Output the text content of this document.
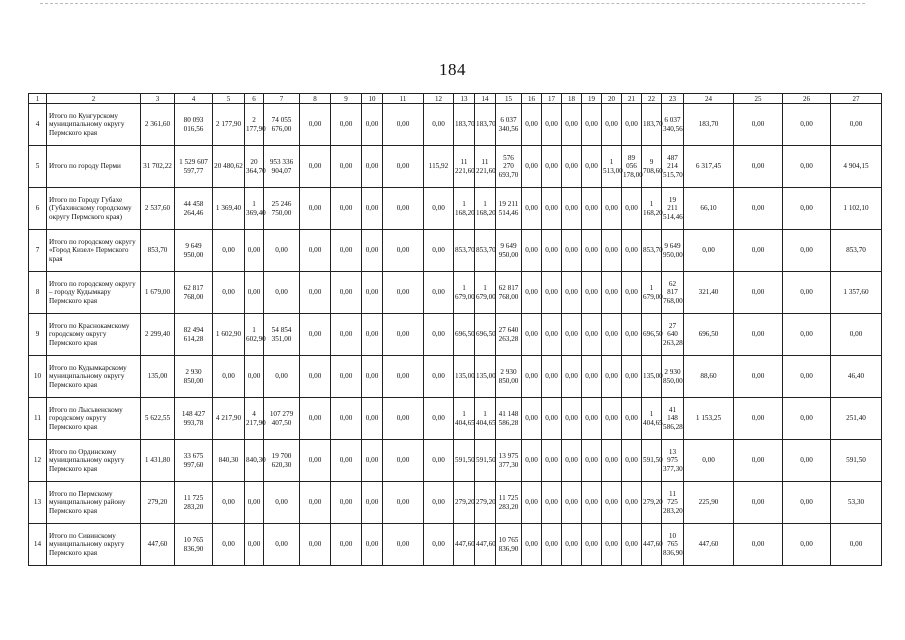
184
1	2	3	4	5	6	7	8	9	10	11	12	13	14	15	16	17	18	19	20	21	22	23	24	25	26	27
4	Итого по Кунгурскому муниципальному округу Пермского края	2 361,60	80 093 016,56	2 177,90	2 177,90	74 055 676,00	0,00	0,00	0,00	0,00	0,00	183,70	183,70	6 037 340,56	0,00	0,00	0,00	0,00	0,00	0,00	183,70	6 037 340,56	183,70	0,00	0,00	0,00
5	Итого по городу Перми	31 702,22	1 529 607 597,77	20 480,62	20 364,70	953 336 904,07	0,00	0,00	0,00	0,00	115,92	11 221,60	11 221,60	576 270 693,70	0,00	0,00	0,00	0,00	1 513,00	89 056 178,00	9 708,60	487 214 515,70	6 317,45	0,00	0,00	4 904,15
6	Итого по Городу Губахе (Губахинскому городскому округу Пермского края)	2 537,60	44 458 264,46	1 369,40	1 369,40	25 246 750,00	0,00	0,00	0,00	0,00	0,00	1 168,20	1 168,20	19 211 514,46	0,00	0,00	0,00	0,00	0,00	0,00	1 168,20	19 211 514,46	66,10	0,00	0,00	1 102,10
7	Итого по городскому округу «Город Кизел» Пермского края	853,70	9 649 950,00	0,00	0,00	0,00	0,00	0,00	0,00	0,00	0,00	853,70	853,70	9 649 950,00	0,00	0,00	0,00	0,00	0,00	0,00	853,70	9 649 950,00	0,00	0,00	0,00	853,70
8	Итого по городскому округу – городу Кудымкару Пермского края	1 679,00	62 817 768,00	0,00	0,00	0,00	0,00	0,00	0,00	0,00	0,00	1 679,00	1 679,00	62 817 768,00	0,00	0,00	0,00	0,00	0,00	0,00	1 679,00	62 817 768,00	321,40	0,00	0,00	1 357,60
9	Итого по Краснокамскому городскому округу Пермского края	2 299,40	82 494 614,28	1 602,90	1 602,90	54 854 351,00	0,00	0,00	0,00	0,00	0,00	696,50	696,50	27 640 263,28	0,00	0,00	0,00	0,00	0,00	0,00	696,50	27 640 263,28	696,50	0,00	0,00	0,00
10	Итого по Кудымкарскому муниципальному округу Пермского края	135,00	2 930 850,00	0,00	0,00	0,00	0,00	0,00	0,00	0,00	0,00	135,00	135,00	2 930 850,00	0,00	0,00	0,00	0,00	0,00	0,00	135,00	2 930 850,00	88,60	0,00	0,00	46,40
11	Итого по Лысьвенскому городскому округу Пермского края	5 622,55	148 427 993,78	4 217,90	4 217,90	107 279 407,50	0,00	0,00	0,00	0,00	0,00	1 404,65	1 404,65	41 148 586,28	0,00	0,00	0,00	0,00	0,00	0,00	1 404,65	41 148 586,28	1 153,25	0,00	0,00	251,40
12	Итого по Ординскому муниципальному округу Пермского края	1 431,80	33 675 997,60	840,30	840,30	19 700 620,30	0,00	0,00	0,00	0,00	0,00	591,50	591,50	13 975 377,30	0,00	0,00	0,00	0,00	0,00	0,00	591,50	13 975 377,30	0,00	0,00	0,00	591,50
13	Итого по Пермскому муниципальному району Пермского края	279,20	11 725 283,20	0,00	0,00	0,00	0,00	0,00	0,00	0,00	0,00	279,20	279,20	11 725 283,20	0,00	0,00	0,00	0,00	0,00	0,00	279,20	11 725 283,20	225,90	0,00	0,00	53,30
14	Итого по Сивинскому муниципальному округу Пермского края	447,60	10 765 836,90	0,00	0,00	0,00	0,00	0,00	0,00	0,00	0,00	447,60	447,60	10 765 836,90	0,00	0,00	0,00	0,00	0,00	0,00	447,60	10 765 836,90	447,60	0,00	0,00	0,00
